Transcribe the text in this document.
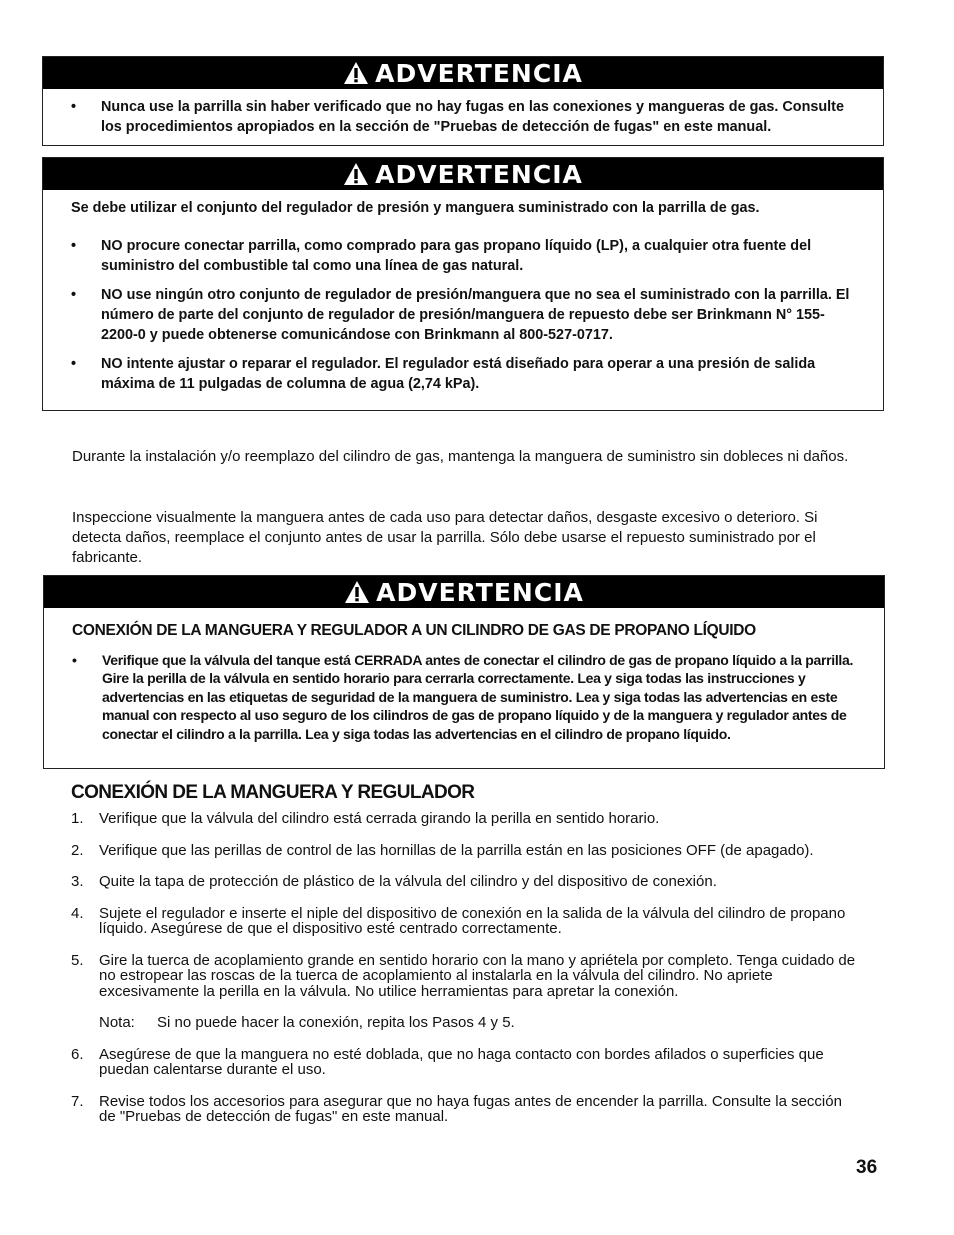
ADVERTENCIA
•	Nunca use la parrilla sin haber verificado que no hay fugas en las conexiones y mangueras de gas. Consulte los procedimientos apropiados en la sección de "Pruebas de detección de fugas" en este manual.
ADVERTENCIA
Se debe utilizar el conjunto del regulador de presión y manguera suministrado con la parrilla de gas.
•	NO procure conectar parrilla, como comprado para gas propano líquido (LP), a cualquier otra fuente del suministro del combustible tal como una línea de gas natural.
•	NO use ningún otro conjunto de regulador de presión/manguera que no sea el suministrado con la parrilla. El número de parte del conjunto de regulador de presión/manguera de repuesto debe ser Brinkmann N° 155-2200-0 y puede obtenerse comunicándose con Brinkmann al 800-527-0717.
•	NO intente ajustar o reparar el regulador. El regulador está diseñado para operar a una presión de salida máxima de 11 pulgadas de columna de agua (2,74 kPa).

Durante la instalación y/o reemplazo del cilindro de gas, mantenga la manguera de suministro sin dobleces ni daños.

Inspeccione visualmente la manguera antes de cada uso para detectar daños, desgaste excesivo o deterioro. Si detecta daños, reemplace el conjunto antes de usar la parrilla. Sólo debe usarse el repuesto suministrado por el fabricante.

ADVERTENCIA
CONEXIÓN DE LA MANGUERA Y REGULADOR A UN CILINDRO DE GAS DE PROPANO LÍQUIDO
•	Verifique que la válvula del tanque está CERRADA antes de conectar el cilindro de gas de propano líquido a la parrilla. Gire la perilla de la válvula en sentido horario para cerrarla correctamente. Lea y siga todas las instrucciones y advertencias en las etiquetas de seguridad de la manguera de suministro. Lea y siga todas las advertencias en este manual con respecto al uso seguro de los cilindros de gas de propano líquido y de la manguera y regulador antes de conectar el cilindro a la parrilla. Lea y siga todas las advertencias en el cilindro de propano líquido.
CONEXIÓN DE LA MANGUERA Y REGULADOR
1.	Verifique que la válvula del cilindro está cerrada girando la perilla en sentido horario.
2.	Verifique que las perillas de control de las hornillas de la parrilla están en las posiciones OFF (de apagado).
3.	Quite la tapa de protección de plástico de la válvula del cilindro y del dispositivo de conexión.
4.	Sujete el regulador e inserte el niple del dispositivo de conexión en la salida de la válvula del cilindro de propano líquido. Asegúrese de que el dispositivo esté centrado correctamente.
5.	Gire la tuerca de acoplamiento grande en sentido horario con la mano y apriétela por completo. Tenga cuidado de no estropear las roscas de la tuerca de acoplamiento al instalarla en la válvula del cilindro. No apriete excesivamente la perilla en la válvula. No utilice herramientas para apretar la conexión.
Nota:	Si no puede hacer la conexión, repita los Pasos 4 y 5.
6.	Asegúrese de que la manguera no esté doblada, que no haga contacto con bordes afilados o superficies que puedan calentarse durante el uso.
7.	Revise todos los accesorios para asegurar que no haya fugas antes de encender la parrilla. Consulte la sección de "Pruebas de detección de fugas" en este manual.
36
